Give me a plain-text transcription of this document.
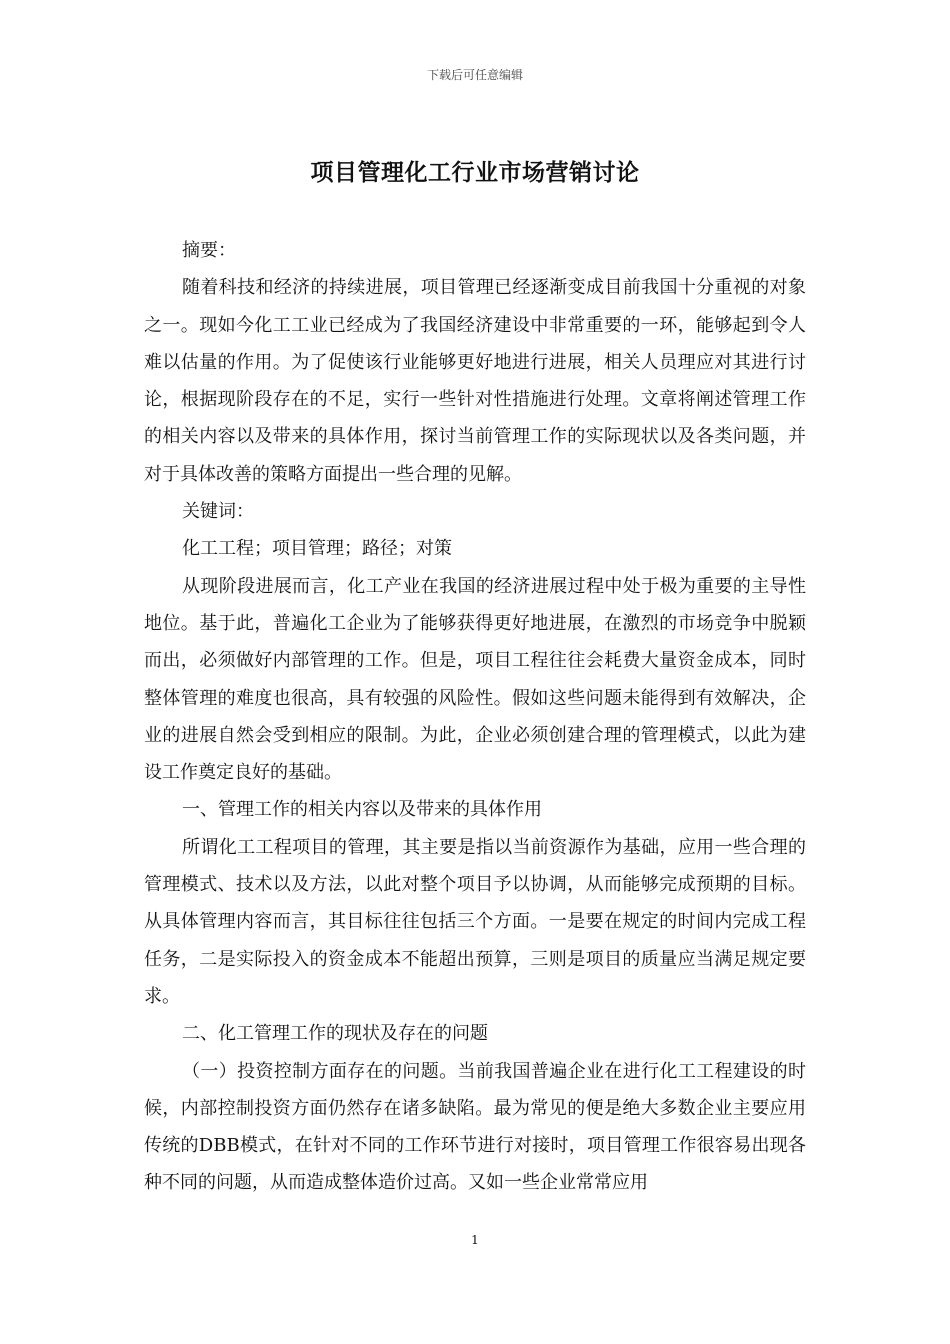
下载后可任意编辑
项目管理化工行业市场营销讨论

摘要：

随着科技和经济的持续进展，项目管理已经逐渐变成目前我国十分重视的对象之一。现如今化工工业已经成为了我国经济建设中非常重要的一环，能够起到令人难以估量的作用。为了促使该行业能够更好地进行进展，相关人员理应对其进行讨论，根据现阶段存在的不足，实行一些针对性措施进行处理。文章将阐述管理工作的相关内容以及带来的具体作用，探讨当前管理工作的实际现状以及各类问题，并对于具体改善的策略方面提出一些合理的见解。

关键词：

化工工程；项目管理；路径；对策

从现阶段进展而言，化工产业在我国的经济进展过程中处于极为重要的主导性地位。基于此，普遍化工企业为了能够获得更好地进展，在激烈的市场竞争中脱颖而出，必须做好内部管理的工作。但是，项目工程往往会耗费大量资金成本，同时整体管理的难度也很高，具有较强的风险性。假如这些问题未能得到有效解决，企业的进展自然会受到相应的限制。为此，企业必须创建合理的管理模式，以此为建设工作奠定良好的基础。

一、管理工作的相关内容以及带来的具体作用

所谓化工工程项目的管理，其主要是指以当前资源作为基础，应用一些合理的管理模式、技术以及方法，以此对整个项目予以协调，从而能够完成预期的目标。从具体管理内容而言，其目标往往包括三个方面。一是要在规定的时间内完成工程任务，二是实际投入的资金成本不能超出预算，三则是项目的质量应当满足规定要求。

二、化工管理工作的现状及存在的问题

（一）投资控制方面存在的问题。当前我国普遍企业在进行化工工程建设的时候，内部控制投资方面仍然存在诸多缺陷。最为常见的便是绝大多数企业主要应用传统的DBB模式，在针对不同的工作环节进行对接时，项目管理工作很容易出现各种不同的问题，从而造成整体造价过高。又如一些企业常常应用

1
